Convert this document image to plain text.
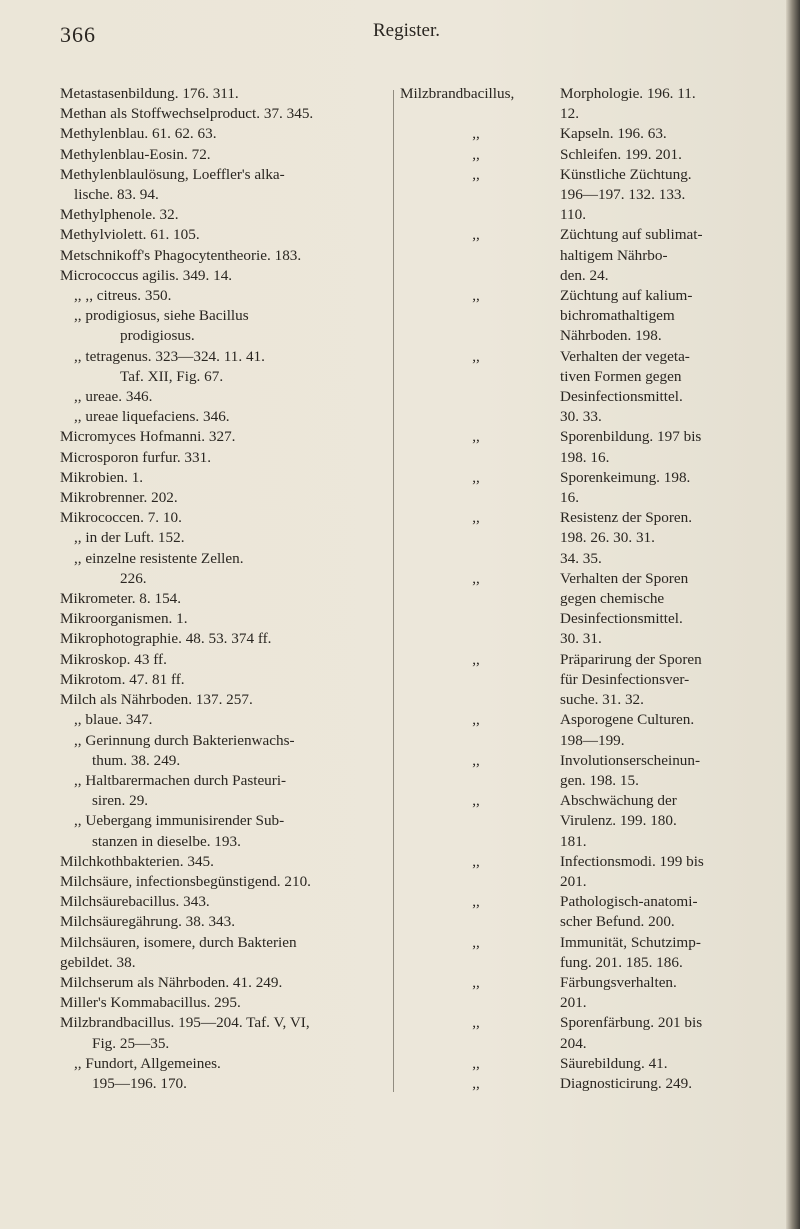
366	Register.
Metastasenbildung. 176. 311.
Methan als Stoffwechselproduct. 37. 345.
Methylenblau. 61. 62. 63.
Methylenblau-Eosin. 72.
Methylenblaulösung, Loeffler's alka-
lische. 83. 94.
Methylphenole. 32.
Methylviolett. 61. 105.
Metschnikoff's Phagocytentheorie. 183.
Micrococcus agilis. 349. 14.
,, ,, citreus. 350.
,, prodigiosus, siehe Bacillus
prodigiosus.
,, tetragenus. 323—324. 11. 41.
Taf. XII, Fig. 67.
,, ureae. 346.
,, ureae liquefaciens. 346.
Micromyces Hofmanni. 327.
Microsporon furfur. 331.
Mikrobien. 1.
Mikrobrenner. 202.
Mikrococcen. 7. 10.
,, in der Luft. 152.
,, einzelne resistente Zellen.
226.
Mikrometer. 8. 154.
Mikroorganismen. 1.
Mikrophotographie. 48. 53. 374 ff.
Mikroskop. 43 ff.
Mikrotom. 47. 81 ff.
Milch als Nährboden. 137. 257.
,, blaue. 347.
,, Gerinnung durch Bakterienwachs-
thum. 38. 249.
,, Haltbarermachen durch Pasteuri-
siren. 29.
,, Uebergang immunisirender Sub-
stanzen in dieselbe. 193.
Milchkothbakterien. 345.
Milchsäure, infectionsbegünstigend. 210.
Milchsäurebacillus. 343.
Milchsäuregährung. 38. 343.
Milchsäuren, isomere, durch Bakterien
gebildet. 38.
Milchserum als Nährboden. 41. 249.
Miller's Kommabacillus. 295.
Milzbrandbacillus. 195—204. Taf. V, VI,
Fig. 25—35.
,, Fundort, Allgemeines.
195—196. 170.
Milzbrandbacillus,	Morphologie. 196. 11.
12.
,,	Kapseln. 196. 63.
,,	Schleifen. 199. 201.
,,	Künstliche Züchtung.
196—197. 132. 133.
110.
,,	Züchtung auf sublimat-
haltigem Nährbo-
den. 24.
,,	Züchtung auf kalium-
bichromathaltigem
Nährboden. 198.
,,	Verhalten der vegeta-
tiven Formen gegen
Desinfectionsmittel.
30. 33.
,,	Sporenbildung. 197 bis
198. 16.
,,	Sporenkeimung. 198.
16.
,,	Resistenz der Sporen.
198. 26. 30. 31.
34. 35.
,,	Verhalten der Sporen
gegen chemische
Desinfectionsmittel.
30. 31.
,,	Präparirung der Sporen
für Desinfectionsver-
suche. 31. 32.
,,	Asporogene Culturen.
198—199.
,,	Involutionserscheinun-
gen. 198. 15.
,,	Abschwächung der
Virulenz. 199. 180.
181.
,,	Infectionsmodi. 199 bis
201.
,,	Pathologisch-anatomi-
scher Befund. 200.
,,	Immunität, Schutzimp-
fung. 201. 185. 186.
,,	Färbungsverhalten.
201.
,,	Sporenfärbung. 201 bis
204.
,,	Säurebildung. 41.
,,	Diagnosticirung. 249.
